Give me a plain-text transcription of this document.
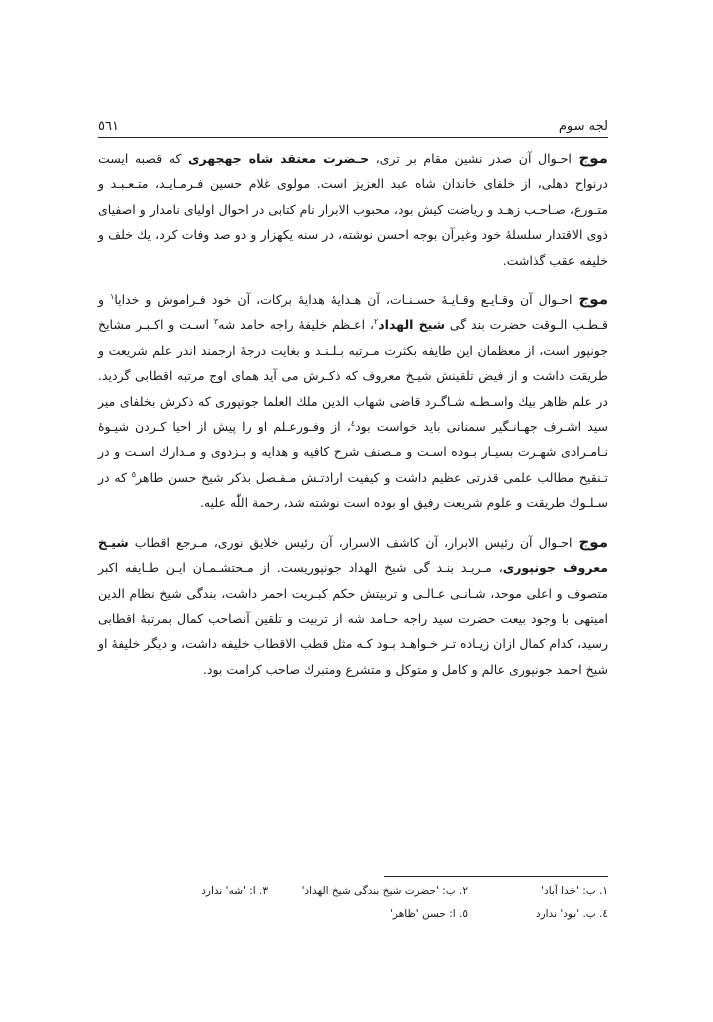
لجه سوم
٥٦١

موج احـوال آن صدر نشین مقام بر تری، حـضرت معتقد شاه جهجهری که قصبه ایست درنواح دهلی، از خلفای خاندان شاه عبد العزیز است. مولوی غلام حسین فـرمـایـد، متـعـبـد و متـورع، صـاحـب زهـد و ریاضت کیش بود، محبوب الابرار نام کتابی در احوال اولیای نامدار و اصفیای ذوی الاقتدار سلسلهٔ خود وغیرآن بوجه احسن نوشته، در سنه یکهزار و دو صد وفات کرد، یك خلف و خلیفه عقب گذاشت.

موج احـوال آن وقـایـع وقـایـهٔ حسـنـات، آن هـدایهٔ هدایهٔ برکات، آن خود فـراموش و خدایا$^١$ و قـطـب الـوقت حضرت بند گی شیخ الهداد$^٢$، اعـظم خلیفهٔ راجه حامد شه$^٣$ اسـت و اکـبـر مشایخ جونپور است، از معظمان این طایفه بکثرت مـرتبه بـلـنـد و بغایت درجهٔ ارجمند اندر علم شریعت و طریقت داشت و از فیض تلقینش شیـخ معروف که ذکـرش می آید همای اوج مرتبه اقطابی گردید. در علم ظاهر بیك واسـطـه شـاگـرد قاضی شهاب الدین ملك العلما جونپوری که ذکرش بخلفای میر سید اشـرف جهـانـگیر سمنانی باید خواست بود$^٤$، از وفـورعـلم او را پیش از احیا کـردن شیـوهٔ نـامـرادی شهـرت بسیـار بـوده اسـت و مـصنف شرح کافیه و هدایه و بـزدوی و مـدارك اسـت و در تـنقیح مطالب علمی قدرتی عظیم داشت و کیفیت ارادتـش مـفـصل بذکر شیخ حسن طاهر$^٥$ که در سـلـوك طریقت و علوم شریعت رفیق او بوده است نوشته شد، رحمة اللّٰه علیه.

موج احـوال آن رئیس الابرار، آن کاشف الاسرار، آن رئیس خلایق نوری، مـرجع اقطاب شیـخ معروف جونپوری، مـریـد بنـد گی شیخ الهداد جونپوریست. از مـحتشـمـان ایـن طـایفه اکبر متصوف و اعلی موحد، شـانـی عـالـی و تربیتش حکم کبـریت احمر داشت، بندگی شیخ نظام الدین امیتهی با وجود بیعت حضرت سید راجه حـامد شه از تربیت و تلقین آنصاحب کمال بمرتبهٔ اقطابی رسید، کدام کمال ازان زیـاده تـر خـواهـد بـود کـه مثل قطب الاقطاب خلیفه داشت، و دیگر خلیفهٔ او شیخ احمد جونپوری عالم و کامل و متوکل و متشرع ومتبرك صاحب کرامت بود.

١. ب: 'خدا آباد'
٢. ب: 'حضرت شیخ بندگی شیخ الهداد'
٣. ا: 'شه' ندارد
٤. ب. 'بود' ندارد
٥. ا: حسن 'ظاهر'
